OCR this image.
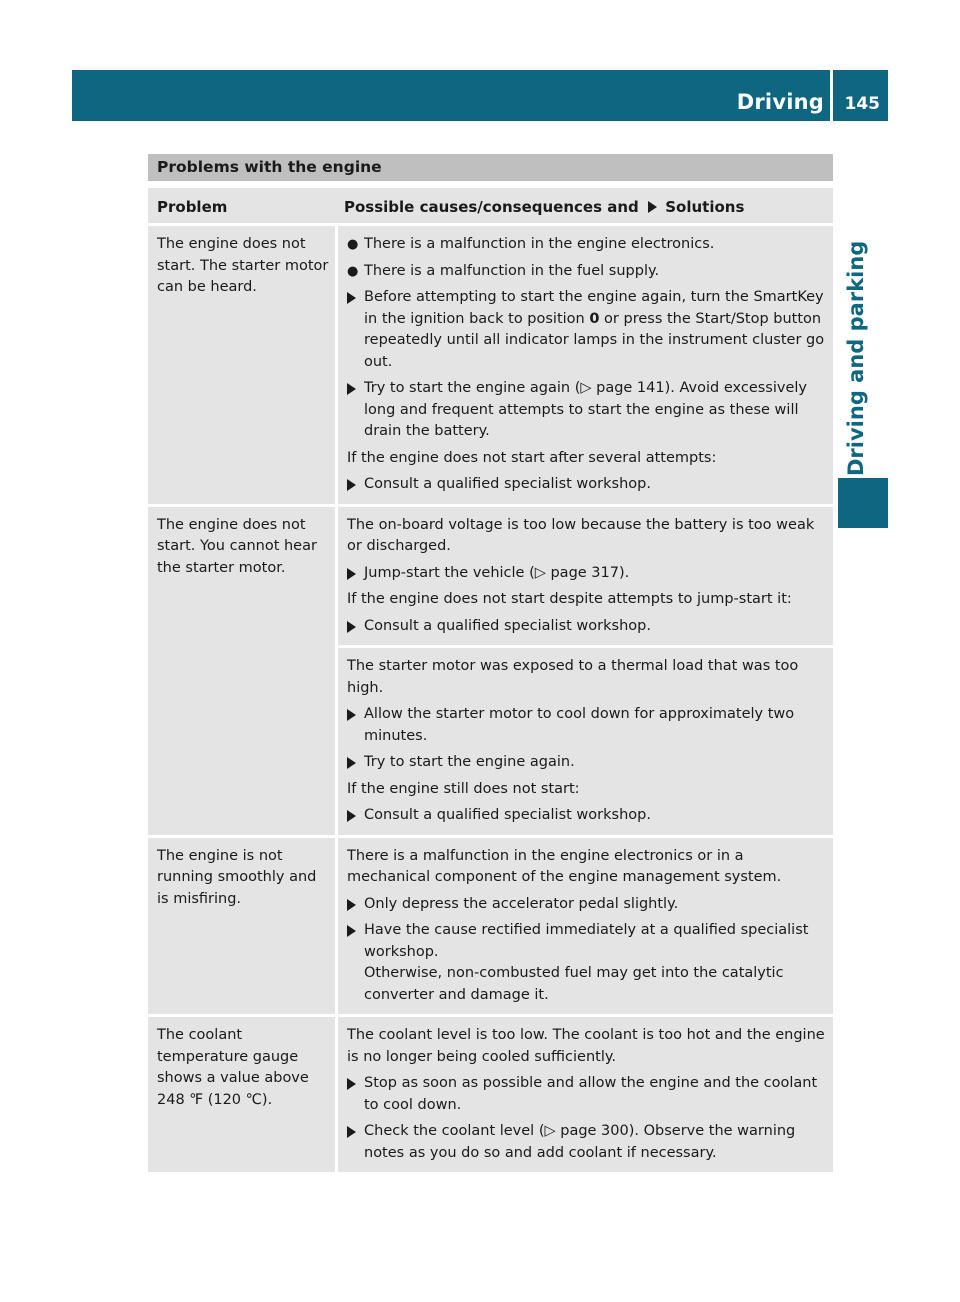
Driving 145
Driving and parking
Problems with the engine
Problem	Possible causes/consequences and Solutions
The engine does not start. The starter motor can be heard.
● There is a malfunction in the engine electronics.
● There is a malfunction in the fuel supply.
Before attempting to start the engine again, turn the SmartKey in the ignition back to position 0 or press the Start/Stop button repeatedly until all indicator lamps in the instrument cluster go out.
Try to start the engine again (▷ page 141). Avoid excessively long and frequent attempts to start the engine as these will drain the battery.

If the engine does not start after several attempts:

Consult a qualified specialist workshop.
The engine does not start. You cannot hear the starter motor.

The on-board voltage is too low because the battery is too weak or discharged.

Jump-start the vehicle (▷ page 317).

If the engine does not start despite attempts to jump-start it:

Consult a qualified specialist workshop.

The starter motor was exposed to a thermal load that was too high.

Allow the starter motor to cool down for approximately two minutes.
Try to start the engine again.

If the engine still does not start:

Consult a qualified specialist workshop.
The engine is not running smoothly and is misfiring.

There is a malfunction in the engine electronics or in a mechanical component of the engine management system.

Only depress the accelerator pedal slightly.
Have the cause rectified immediately at a qualified specialist workshop.
Otherwise, non-combusted fuel may get into the catalytic converter and damage it.
The coolant temperature gauge shows a value above 248 ℉ (120 ℃).

The coolant level is too low. The coolant is too hot and the engine is no longer being cooled sufficiently.

Stop as soon as possible and allow the engine and the coolant to cool down.
Check the coolant level (▷ page 300). Observe the warning notes as you do so and add coolant if necessary.
